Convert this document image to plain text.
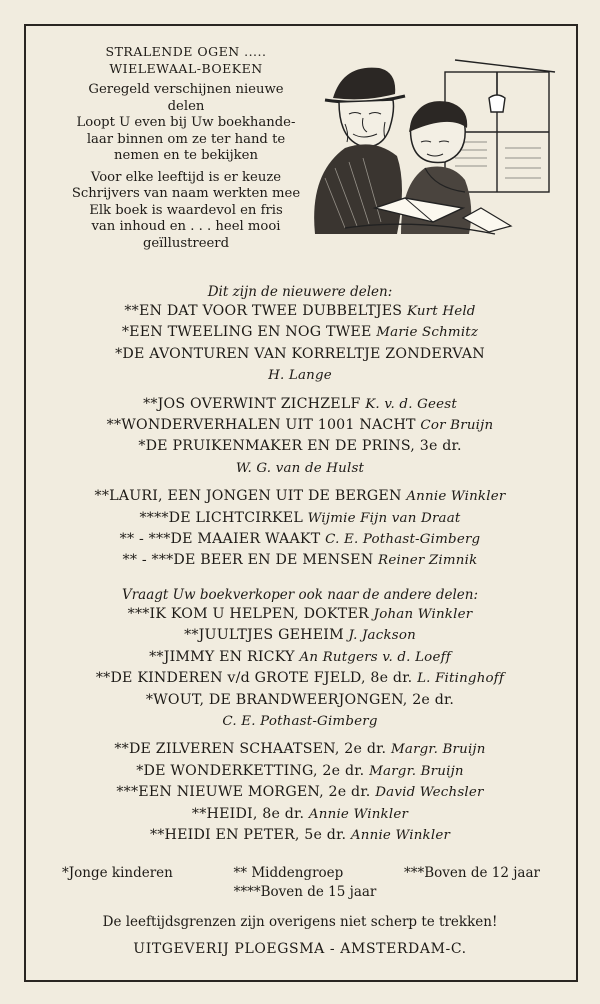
STRALENDE OGEN .....
WIELEWAAL-BOEKEN
Geregeld verschijnen nieuwe
delen
Loopt U even bij Uw boekhande-
laar binnen om ze ter hand te
nemen en te bekijken
Voor elke leeftijd is er keuze
Schrijvers van naam werkten mee
Elk boek is waardevol en fris
van inhoud en . . . heel mooi
geïllustreerd
Dit zijn de nieuwere delen:
**EN DAT VOOR TWEE DUBBELTJES Kurt Held
*EEN TWEELING EN NOG TWEE Marie Schmitz
*DE AVONTUREN VAN KORRELTJE ZONDERVAN
H. Lange
**JOS OVERWINT ZICHZELF K. v. d. Geest
**WONDERVERHALEN UIT 1001 NACHT Cor Bruijn
*DE PRUIKENMAKER EN DE PRINS, 3e dr.
W. G. van de Hulst
**LAURI, EEN JONGEN UIT DE BERGEN Annie Winkler
****DE LICHTCIRKEL Wijmie Fijn van Draat
** - ***DE MAAIER WAAKT C. E. Pothast-Gimberg
** - ***DE BEER EN DE MENSEN Reiner Zimnik
Vraagt Uw boekverkoper ook naar de andere delen:
***IK KOM U HELPEN, DOKTER Johan Winkler
**JUULTJES GEHEIM J. Jackson
**JIMMY EN RICKY An Rutgers v. d. Loeff
**DE KINDEREN v/d GROTE FJELD, 8e dr. L. Fitinghoff
*WOUT, DE BRANDWEERJONGEN, 2e dr.
C. E. Pothast-Gimberg
**DE ZILVEREN SCHAATSEN, 2e dr. Margr. Bruijn
*DE WONDERKETTING, 2e dr. Margr. Bruijn
***EEN NIEUWE MORGEN, 2e dr. David Wechsler
**HEIDI, 8e dr. Annie Winkler
**HEIDI EN PETER, 5e dr. Annie Winkler
*Jonge kinderen	** Middengroep	***Boven de 12 jaar
****Boven de 15 jaar
De leeftijdsgrenzen zijn overigens niet scherp te trekken!
UITGEVERIJ PLOEGSMA - AMSTERDAM-C.
